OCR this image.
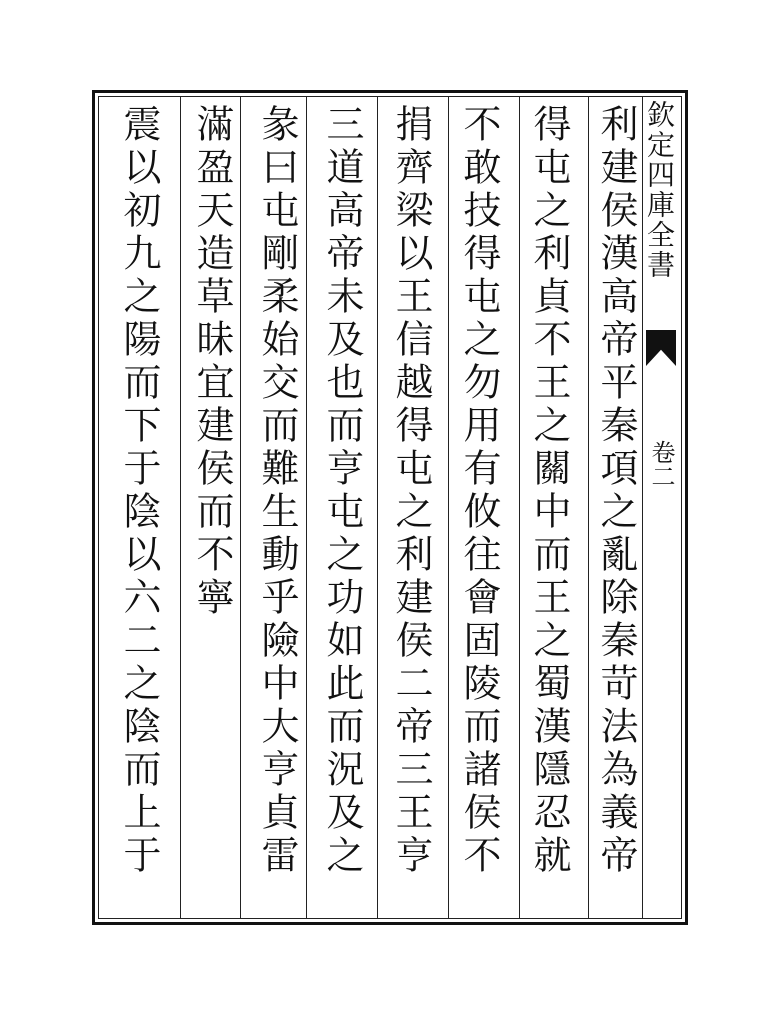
欽定四庫全書
卷二
利建侯漢高帝平秦項之亂除秦苛法為義帝
得屯之利貞不王之關中而王之蜀漢隱忍就
不敢技得屯之勿用有攸往會固陵而諸侯不
捐齊梁以王信越得屯之利建侯二帝三王亨
三道高帝未及也而亨屯之功如此而況及之
彖曰屯剛柔始交而難生動乎險中大亨貞雷
滿盈天造草昧宜建侯而不寧
震以初九之陽而下于陰以六二之陰而上于
